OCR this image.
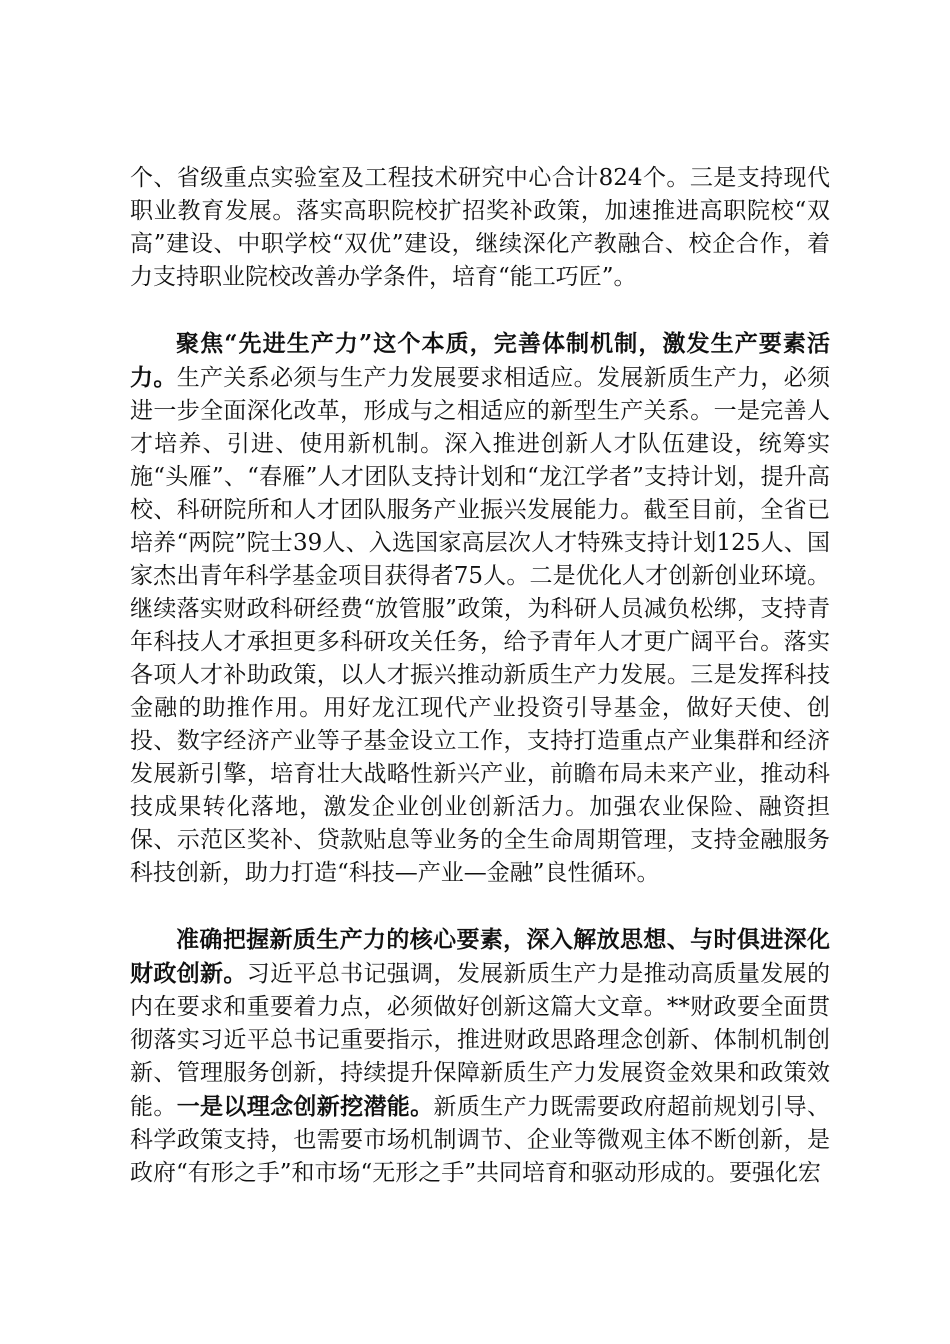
个、省级重点实验室及工程技术研究中心合计824个。三是支持现代职业教育发展。落实高职院校扩招奖补政策，加速推进高职院校“双高”建设、中职学校“双优”建设，继续深化产教融合、校企合作，着力支持职业院校改善办学条件，培育“能工巧匠”。

聚焦“先进生产力”这个本质，完善体制机制，激发生产要素活力。生产关系必须与生产力发展要求相适应。发展新质生产力，必须进一步全面深化改革，形成与之相适应的新型生产关系。一是完善人才培养、引进、使用新机制。深入推进创新人才队伍建设，统筹实施“头雁”、“春雁”人才团队支持计划和“龙江学者”支持计划，提升高校、科研院所和人才团队服务产业振兴发展能力。截至目前，全省已培养“两院”院士39人、入选国家高层次人才特殊支持计划125人、国家杰出青年科学基金项目获得者75人。二是优化人才创新创业环境。继续落实财政科研经费“放管服”政策，为科研人员减负松绑，支持青年科技人才承担更多科研攻关任务，给予青年人才更广阔平台。落实各项人才补助政策，以人才振兴推动新质生产力发展。三是发挥科技金融的助推作用。用好龙江现代产业投资引导基金，做好天使、创投、数字经济产业等子基金设立工作，支持打造重点产业集群和经济发展新引擎，培育壮大战略性新兴产业，前瞻布局未来产业，推动科技成果转化落地，激发企业创业创新活力。加强农业保险、融资担保、示范区奖补、贷款贴息等业务的全生命周期管理，支持金融服务科技创新，助力打造“科技—产业—金融”良性循环。

准确把握新质生产力的核心要素，深入解放思想、与时俱进深化财政创新。习近平总书记强调，发展新质生产力是推动高质量发展的内在要求和重要着力点，必须做好创新这篇大文章。**财政要全面贯彻落实习近平总书记重要指示，推进财政思路理念创新、体制机制创新、管理服务创新，持续提升保障新质生产力发展资金效果和政策效能。一是以理念创新挖潜能。新质生产力既需要政府超前规划引导、科学政策支持，也需要市场机制调节、企业等微观主体不断创新，是政府“有形之手”和市场“无形之手”共同培育和驱动形成的。要强化宏
